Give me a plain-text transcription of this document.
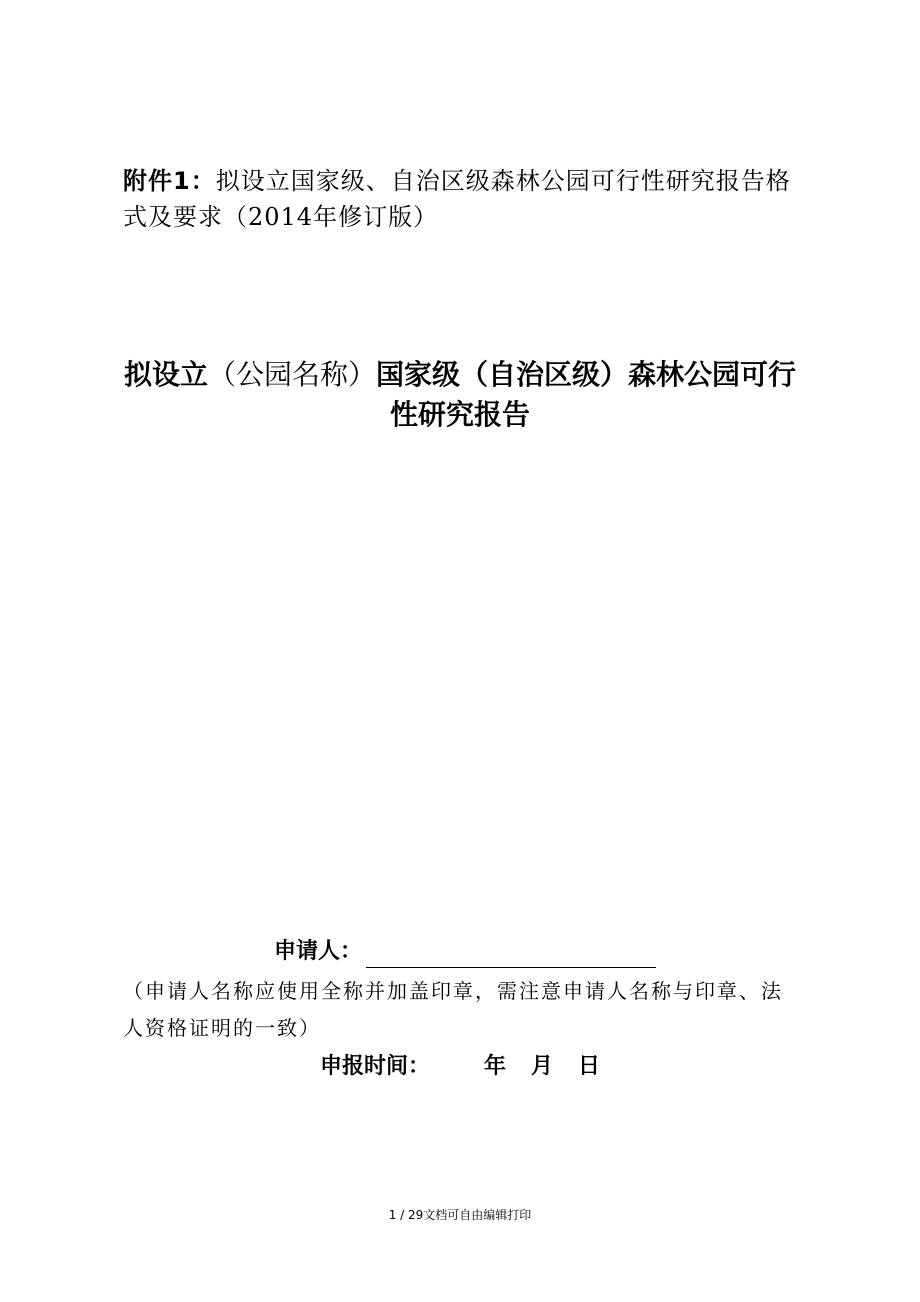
附件1：拟设立国家级、自治区级森林公园可行性研究报告格式及要求（2014年修订版）
拟设立（公园名称）国家级（自治区级）森林公园可行性研究报告
申请人：
（申请人名称应使用全称并加盖印章，需注意申请人名称与印章、法人资格证明的一致）
申报时间： 年 月 日
1 / 29文档可自由编辑打印
